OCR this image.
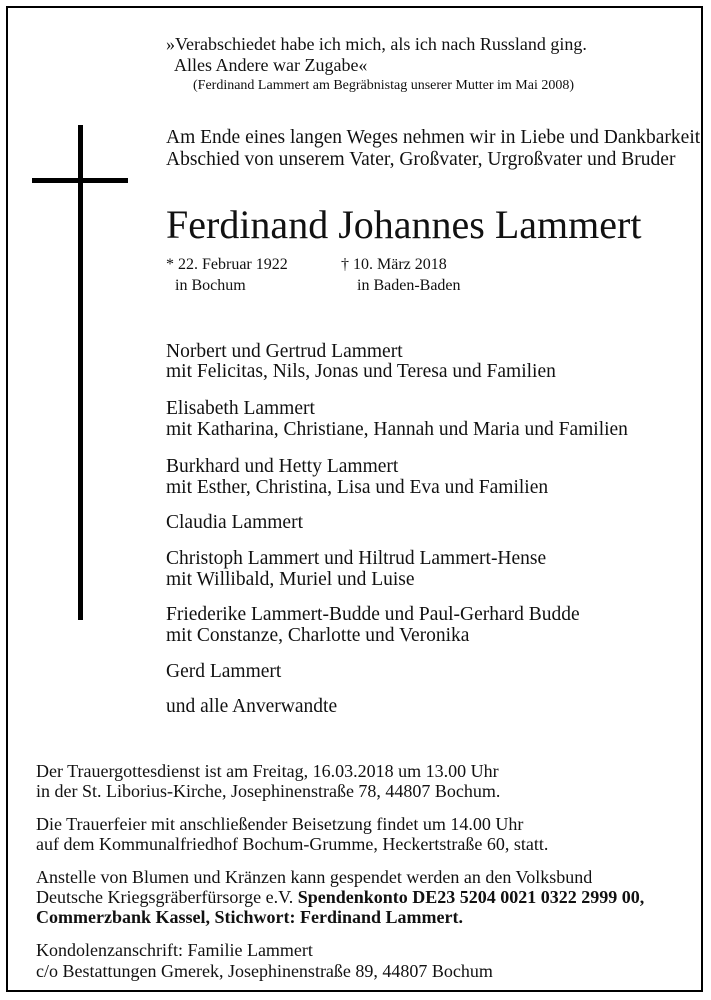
»Verabschiedet habe ich mich, als ich nach Russland ging.
Alles Andere war Zugabe«
(Ferdinand Lammert am Begräbnistag unserer Mutter im Mai 2008)
Am Ende eines langen Weges nehmen wir in Liebe und Dankbarkeit
Abschied von unserem Vater, Großvater, Urgroßvater und Bruder
Ferdinand Johannes Lammert
* 22. Februar 1922
in Bochum
† 10. März 2018
in Baden-Baden
Norbert und Gertrud Lammert
mit Felicitas, Nils, Jonas und Teresa und Familien
Elisabeth Lammert
mit Katharina, Christiane, Hannah und Maria und Familien
Burkhard und Hetty Lammert
mit Esther, Christina, Lisa und Eva und Familien
Claudia Lammert
Christoph Lammert und Hiltrud Lammert-Hense
mit Willibald, Muriel und Luise
Friederike Lammert-Budde und Paul-Gerhard Budde
mit Constanze, Charlotte und Veronika
Gerd Lammert
und alle Anverwandte
Der Trauergottesdienst ist am Freitag, 16.03.2018 um 13.00 Uhr
in der St. Liborius-Kirche, Josephinenstraße 78, 44807 Bochum.
Die Trauerfeier mit anschließender Beisetzung findet um 14.00 Uhr
auf dem Kommunalfriedhof Bochum-Grumme, Heckertstraße 60, statt.
Anstelle von Blumen und Kränzen kann gespendet werden an den Volksbund
Deutsche Kriegsgräberfürsorge e.V. Spendenkonto DE23 5204 0021 0322 2999 00,
Commerzbank Kassel, Stichwort: Ferdinand Lammert.
Kondolenzanschrift: Familie Lammert
c/o Bestattungen Gmerek, Josephinenstraße 89, 44807 Bochum
